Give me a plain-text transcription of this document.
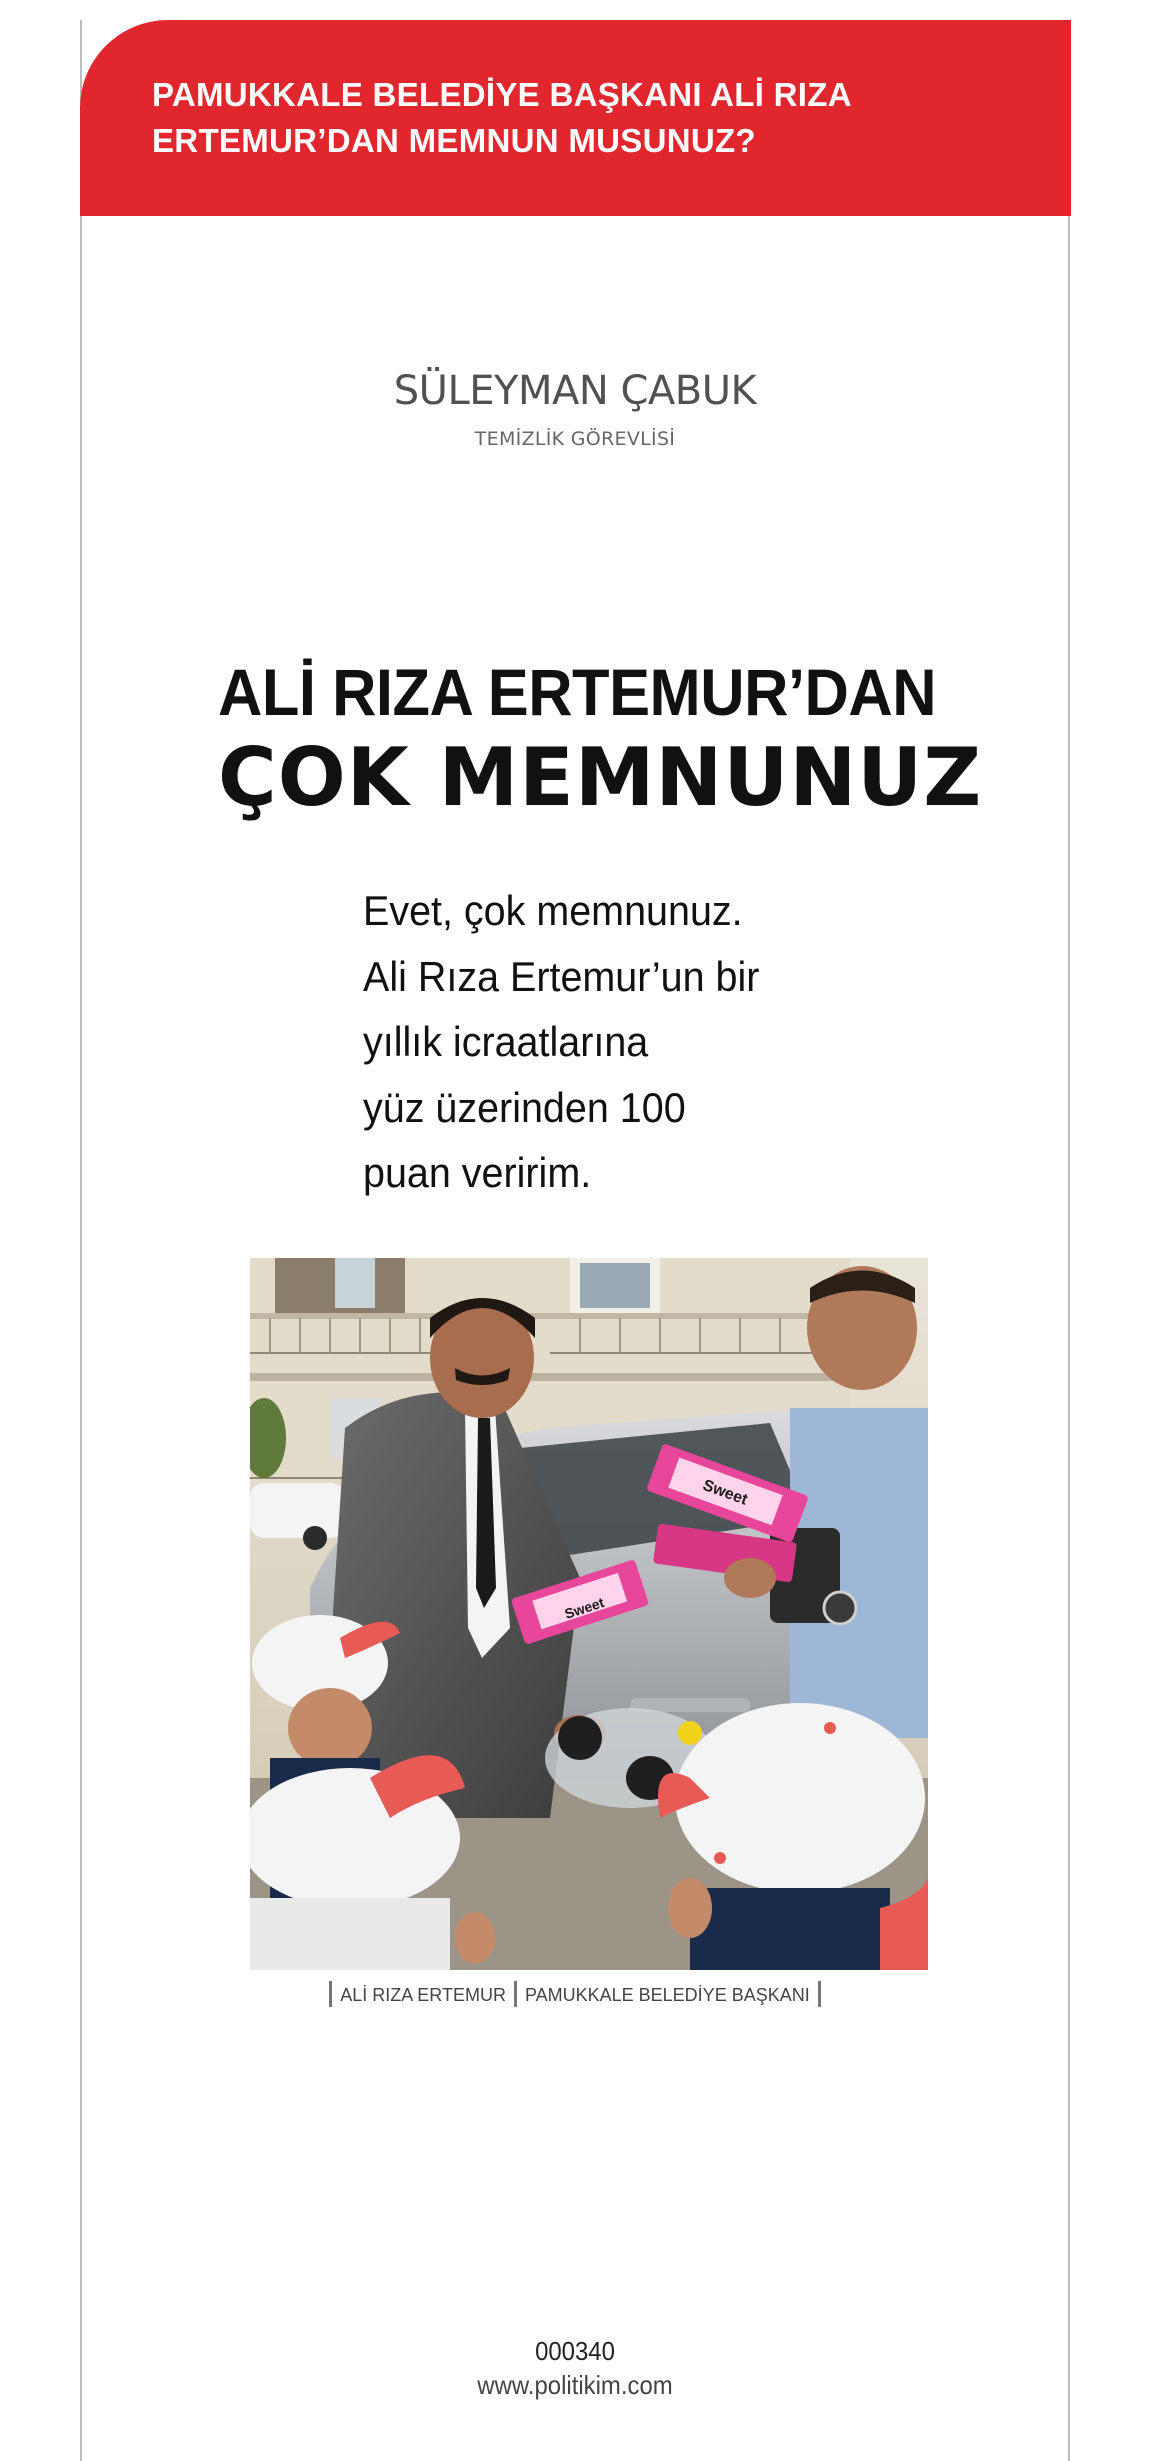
PAMUKKALE BELEDİYE BAŞKANI ALİ RIZA
ERTEMUR’DAN MEMNUN MUSUNUZ?
SÜLEYMAN ÇABUK
TEMİZLİK GÖREVLİSİ
ALİ RIZA ERTEMUR’DAN
ÇOK MEMNUNUZ
Evet, çok memnunuz.
Ali Rıza Ertemur’un bir
yıllık icraatlarına
yüz üzerinden 100
puan veririm.
Sweet
Sweet
ALİ RIZA ERTEMUR PAMUKKALE BELEDİYE BAŞKANI
000340
www.politikim.com
